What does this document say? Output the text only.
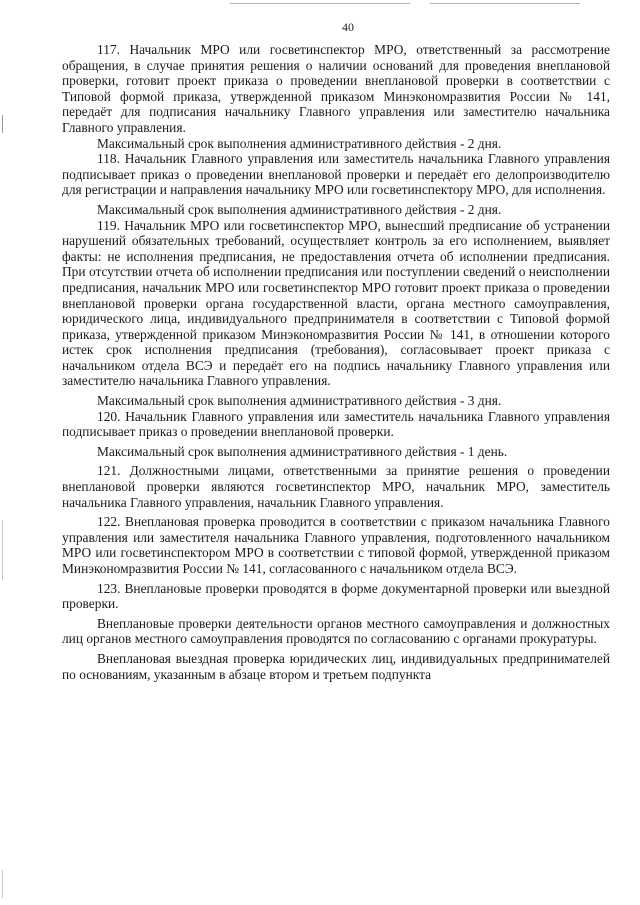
40

117. Начальник МРО или госветинспектор МРО, ответственный за рассмотрение обращения, в случае принятия решения о наличии оснований для проведения внеплановой проверки, готовит проект приказа о проведении внеплановой проверки в соответствии с Типовой формой приказа, утвержденной приказом Минэкономразвития России № 141, передаёт для подписания начальнику Главного управления или заместителю начальника Главного управления.

Максимальный срок выполнения административного действия - 2 дня.

118. Начальник Главного управления или заместитель начальника Главного управления подписывает приказ о проведении внеплановой проверки и передаёт его делопроизводителю для регистрации и направления начальнику МРО или госветинспектору МРО, для исполнения.

Максимальный срок выполнения административного действия - 2 дня.

119. Начальник МРО или госветинспектор МРО, вынесший предписание об устранении нарушений обязательных требований, осуществляет контроль за его исполнением, выявляет факты: не исполнения предписания, не предоставления отчета об исполнении предписания. При отсутствии отчета об исполнении предписания или поступлении сведений о неисполнении предписания, начальник МРО или госветинспектор МРО готовит проект приказа о проведении внеплановой проверки органа государственной власти, органа местного самоуправления, юридического лица, индивидуального предпринимателя в соответствии с Типовой формой приказа, утвержденной приказом Минэкономразвития России № 141, в отношении которого истек срок исполнения предписания (требования), согласовывает проект приказа с начальником отдела ВСЭ и передаёт его на подпись начальнику Главного управления или заместителю начальника Главного управления.

Максимальный срок выполнения административного действия - 3 дня.

120. Начальник Главного управления или заместитель начальника Главного управления подписывает приказ о проведении внеплановой проверки.

Максимальный срок выполнения административного действия - 1 день.

121. Должностными лицами, ответственными за принятие решения о проведении внеплановой проверки являются госветинспектор МРО, начальник МРО, заместитель начальника Главного управления, начальник Главного управления.

122. Внеплановая проверка проводится в соответствии с приказом начальника Главного управления или заместителя начальника Главного управления, подготовленного начальником МРО или госветинспектором МРО в соответствии с типовой формой, утвержденной приказом Минэкономразвития России № 141, согласованного с начальником отдела ВСЭ.

123. Внеплановые проверки проводятся в форме документарной проверки или выездной проверки.

Внеплановые проверки деятельности органов местного самоуправления и должностных лиц органов местного самоуправления проводятся по согласованию с органами прокуратуры.

Внеплановая выездная проверка юридических лиц, индивидуальных предпринимателей по основаниям, указанным в абзаце втором и третьем подпункта
